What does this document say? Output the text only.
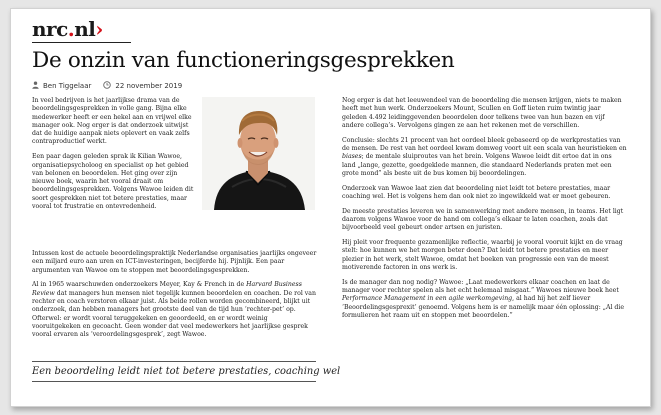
nrc.nl›
De onzin van functioneringsgesprekken
Ben Tiggelaar	22 november 2019

In veel bedrijven is het jaarlijkse drama van de beoordelingsgesprekken in volle gang. Bijna elke medewerker heeft er een hekel aan en vrijwel elke manager ook. Nog erger is dat onderzoek uitwijst dat de huidige aanpak niets oplevert en vaak zelfs contraproductief werkt.

Een paar dagen geleden sprak ik Kilian Wawoe, organisatiepsycholoog en specialist op het gebied van belonen en beoordelen. Het ging over zijn nieuwe boek, waarin het vooral draait om beoordelingsgesprekken. Volgens Wawoe leiden dit soort gesprekken niet tot betere prestaties, maar vooral tot frustratie en ontevredenheid.

Intussen kost de actuele beoordelingspraktijk Nederlandse organisaties jaarlijks ongeveer een miljard euro aan uren en ICT-investeringen, becijferde hij. Pijnlijk. Een paar argumenten van Wawoe om te stoppen met beoordelingsgesprekken.

Al in 1965 waarschuwden onderzoekers Meyer, Kay & French in de Harvard Business Review dat managers hun mensen niet tegelijk kunnen beoordelen en coachen. De rol van rechter en coach verstoren elkaar juist. Als beide rollen worden gecombineerd, blijkt uit onderzoek, dan hebben managers het grootste deel van de tijd hun ‘rechter-pet’ op. Ofterwel: er wordt vooral teruggekeken en geoordeeld, en er wordt weinig vooruitgekeken en gecoacht. Geen wonder dat veel medewerkers het jaarlijkse gesprek vooral ervaren als ‘veroordelingsgesprek’, zegt Wawoe.

Een beoordeling leidt niet tot betere prestaties, coaching wel

Nog erger is dat het leeuwendeel van de beoordeling die mensen krijgen, niets te maken heeft met hun werk. Onderzoekers Mount, Scullen en Goff lieten ruim twintig jaar geleden 4.492 leidinggevenden beoordelen door telkens twee van hun bazen en vijf andere collega’s. Vervolgens gingen ze aan het rekenen met de verschillen.

Conclusie: slechts 21 procent van het oordeel bleek gebaseerd op de werkprestaties van de mensen. De rest van het oordeel kwam domweg voort uit een scala van heuristieken en biases; de mentale sluiproutes van het brein. Volgens Wawoe leidt dit ertoe dat in ons land „lange, gezette, goedgeklede mannen, die standaard Nederlands praten met een grote mond” als beste uit de bus komen bij beoordelingen.

Onderzoek van Wawoe laat zien dat beoordeling niet leidt tot betere prestaties, maar coaching wel. Het is volgens hem dan ook niet zo ingewikkeld wat er moet gebeuren.

De meeste prestaties leveren we in samenwerking met andere mensen, in teams. Het ligt daarom volgens Wawoe voor de hand om collega’s elkaar te laten coachen, zoals dat bijvoorbeeld veel gebeurt onder artsen en juristen.

Hij pleit voor frequente gezamenlijke reflectie, waarbij je vooral vooruit kijkt en de vraag stelt: hoe kunnen we het morgen beter doen? Dat leidt tot betere prestaties en meer plezier in het werk, stelt Wawoe, omdat het boeken van progressie een van de meest motiverende factoren in ons werk is.

Is de manager dan nog nodig? Wawoe: „Laat medewerkers elkaar coachen en laat de manager voor rechter spelen als het echt helemaal misgaat.” Wawoes nieuwe boek heet Performance Management in een agile werkomgeving, al had hij het zelf liever ‘Beoordelingsgesprexit’ genoemd. Volgens hem is er namelijk maar één oplossing: „Al die formulieren het raam uit en stoppen met beoordelen.”
